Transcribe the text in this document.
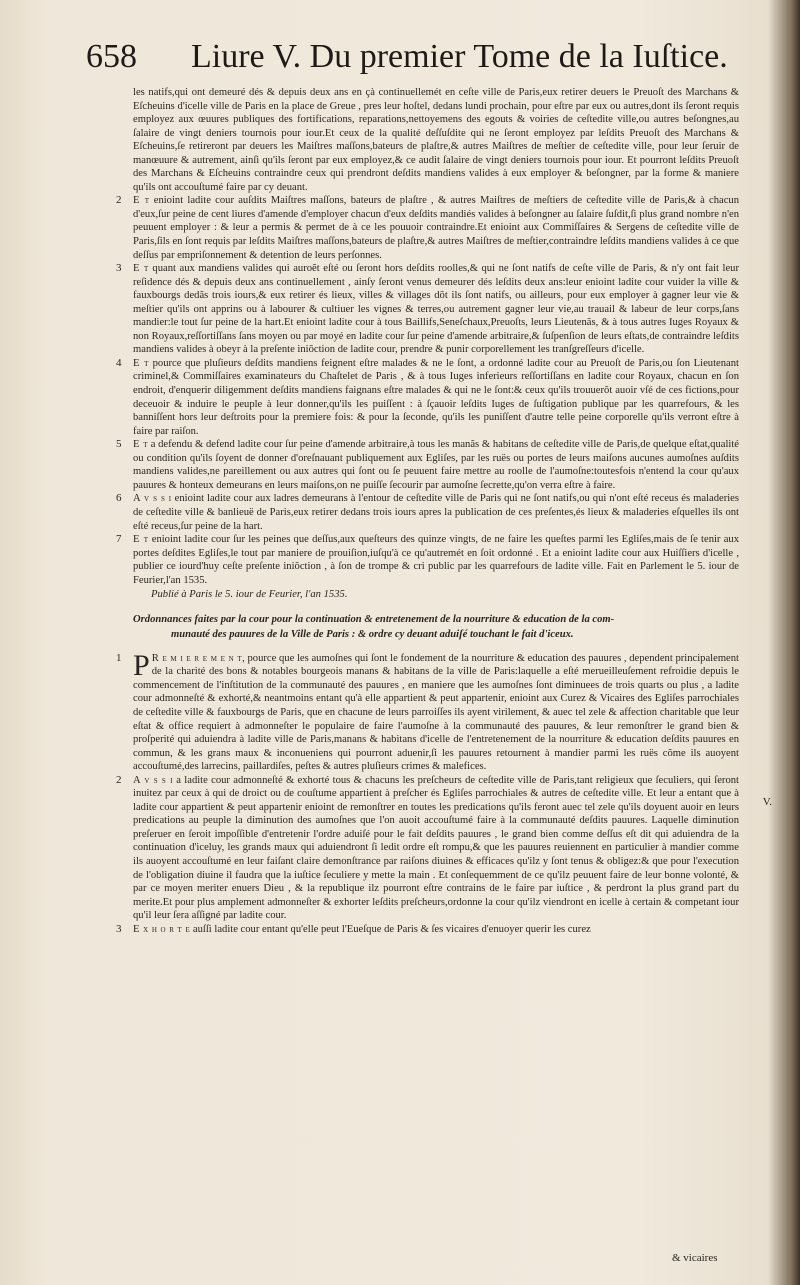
658 Liure V. Du premier Tome de la Iuſtice.

les natifs,qui ont demeuré dés & depuis deux ans en çà continuellemét en ceſte ville de Paris,eux retirer deuers le Preuoſt des Marchans & Eſcheuins d'icelle ville de Paris en la place de Greue , pres leur hoſtel, dedans lundi prochain, pour eſtre par eux ou autres,dont ils ſeront requis employez aux œuures publiques des fortifications, reparations,nettoyemens des egouts & voiries de ceſtedite ville,ou autres beſongnes,au ſalaire de vingt deniers tournois pour iour.Et ceux de la qualité deſſuſdite qui ne ſeront employez par leſdits Preuoſt des Marchans & Eſcheuins,ſe retireront par deuers les Maiſtres maſſons,bateurs de plaſtre,& autres Maiſtres de meſtier de ceſtedite ville, pour leur ſeruir de manœuure & autrement, ainſi qu'ils ſeront par eux employez,& ce audit ſalaire de vingt deniers tournois pour iour. Et pourront leſdits Preuoſt des Marchans & Eſcheuins contraindre ceux qui prendront deſdits mandiens valides à eux employer & beſongner, par la forme & maniere qu'ils ont accouſtumé faire par cy deuant.

2 E t enioint ladite cour auſdits Maiſtres maſſons, bateurs de plaſtre , & autres Maiſtres de meſtiers de ceſtedite ville de Paris,& à chacun d'eux,ſur peine de cent liures d'amende d'employer chacun d'eux deſdits mandiés valides à beſongner au ſalaire ſuſdit,ſi plus grand nombre n'en peuuent employer : & leur a permis & permet de à ce les pouuoir contraindre.Et enioint aux Commiſſaires & Sergens de ceſtedite ville de Paris,ſils en ſont requis par leſdits Maiſtres maſſons,bateurs de plaſtre,& autres Maiſtres de meſtier,contraindre leſdits mandiens valides à ce que deſſus par empriſonnement & detention de leurs perſonnes.

3 E t quant aux mandiens valides qui auroẽt eſté ou ſeront hors deſdits roolles,& qui ne ſont natifs de ceſte ville de Paris, & n'y ont fait leur reſidence dés & depuis deux ans continuellement , ainſy ſeront venus demeurer dés leſdits deux ans:leur enioint ladite cour vuider la ville & fauxbourgs dedãs trois iours,& eux retirer és lieux, villes & villages dõt ils ſont natifs, ou ailleurs, pour eux employer à gagner leur vie & meſtier qu'ils ont apprins ou à labourer & cultiuer les vignes & terres,ou autrement gagner leur vie,au trauail & labeur de leur corps,ſans mandier:le tout ſur peine de la hart.Et enioint ladite cour à tous Baillifs,Seneſchaux,Preuoſts, leurs Lieutenãs, & à tous autres Iuges Royaux & non Royaux,reſſortiſſans ſans moyen ou par moyé en ladite cour ſur peine d'amende arbitraire,& ſuſpenſion de leurs eſtats,de contraindre leſdits mandiens valides à obeyr à la preſente iniõction de ladite cour, prendre & punir corporellement les tranſgreſſeurs d'icelle.

4 E t pource que pluſieurs deſdits mandiens feignent eſtre malades & ne le ſont, a ordonné ladite cour au Preuoſt de Paris,ou ſon Lieutenant criminel,& Commiſſaires examinateurs du Chaſtelet de Paris , & à tous Iuges inferieurs reſſortiſſans en ladite cour Royaux, chacun en ſon endroit, d'enquerir diligemment deſdits mandiens faignans eſtre malades & qui ne le ſont:& ceux qu'ils trouuerõt auoir vſé de ces fictions,pour deceuoir & induire le peuple à leur donner,qu'ils les puiſſent : à ſçauoir leſdits Iuges de ſuſtigation publique par les quarrefours, & les banniſſent hors leur deſtroits pour la premiere fois: & pour la ſeconde, qu'ils les puniſſent d'autre telle peine corporelle qu'ils verront eſtre à faire par raiſon.

5 E t a defendu & defend ladite cour ſur peine d'amende arbitraire,à tous les manãs & habitans de ceſtedite ville de Paris,de quelque eſtat,qualité ou condition qu'ils ſoyent de donner d'oreſnauant publiquement aux Egliſes, par les ruës ou portes de leurs maiſons aucunes aumoſnes auſdits mandiens valides,ne pareillement ou aux autres qui ſont ou ſe peuuent faire mettre au roolle de l'aumoſne:toutesfois n'entend la cour qu'aux pauures & honteux demeurans en leurs maiſons,on ne puiſſe ſecourir par aumoſne ſecrette,qu'on verra eſtre à faire.

6 A v s s i enioint ladite cour aux ladres demeurans à l'entour de ceſtedite ville de Paris qui ne ſont natifs,ou qui n'ont eſté receus és maladeries de ceſtedite ville & banlieuë de Paris,eux retirer dedans trois iours apres la publication de ces preſentes,és lieux & maladeries eſquelles ils ont eſté receus,ſur peine de la hart.

7 E t enioint ladite cour ſur les peines que deſſus,aux queſteurs des quinze vingts, de ne faire les queſtes parmi les Egliſes,mais de ſe tenir aux portes deſdites Egliſes,le tout par maniere de prouiſion,iuſqu'à ce qu'autremét en ſoit ordonné . Et a enioint ladite cour aux Huiſſiers d'icelle , publier ce iourd'huy ceſte preſente iniõction , à ſon de trompe & cri public par les quarrefours de ladite ville. Fait en Parlement le 5. iour de Feurier,l'an 1535.

Publié à Paris le 5. iour de Feurier, l'an 1535.

Ordonnances faites par la cour pour la continuation & entretenement de la nourriture & education de la com-
munauté des pauures de la Ville de Paris : & ordre cy deuant aduiſé touchant le fait d'iceux.

1 P R e m i e r e m e n t, pource que les aumoſnes qui ſont le fondement de la nourriture & education des pauures , dependent principalement de la charité des bons & notables bourgeois manans & habitans de la ville de Paris:laquelle a eſté merueilleuſement refroidie depuis le commencement de l'inſtitution de la communauté des pauures , en maniere que les aumoſnes ſont diminuees de trois quarts ou plus , a ladite cour admonneſté & exhorté,& neantmoins entant qu'à elle appartient & peut appartenir, enioint aux Curez & Vicaires des Egliſes parrochiales de ceſtedite ville & fauxbourgs de Paris, que en chacune de leurs parroiſſes ils ayent virilement, & auec tel zele & affection charitable que leur eſtat & office requiert à admonneſter le populaire de faire l'aumoſne à la communauté des pauures, & leur remonſtrer le grand bien & proſperité qui aduiendra à ladite ville de Paris,manans & habitans d'icelle de l'entretenement de la nourriture & education deſdits pauures en commun, & les grans maux & inconueniens qui pourront aduenir,ſi les pauures retournent à mandier parmi les ruës cõme ils auoyent accouſtumé,des larrecins, paillardiſes, peſtes & autres pluſieurs crimes & malefices.

2 A v s s i a ladite cour admonneſté & exhorté tous & chacuns les preſcheurs de ceſtedite ville de Paris,tant religieux que ſeculiers, qui ſeront inuitez par ceux à qui de droict ou de couſtume appartient à preſcher és Egliſes parrochiales & autres de ceſtedite ville. Et leur a entant que à ladite cour appartient & peut appartenir enioint de remonſtrer en toutes les predications qu'ils feront auec tel zele qu'ils doyuent auoir en leurs predications au peuple la diminution des aumoſnes que l'on auoit accouſtumé faire à la communauté deſdits pauures. Laquelle diminution preſeruer en ſeroit impoſſible d'entretenir l'ordre aduiſé pour le fait deſdits pauures , le grand bien comme deſſus eſt dit qui aduiendra de la continuation d'iceluy, les grands maux qui aduiendront ſi ledit ordre eſt rompu,& que les pauures reuiennent en particulier à mandier comme ils auoyent accouſtumé en leur faiſant claire demonſtrance par raiſons diuines & efficaces qu'ilz y ſont tenus & obligez:& que pour l'execution de l'obligation diuine il faudra que la iuſtice ſeculiere y mette la main . Et conſequemment de ce qu'ilz peuuent faire de leur bonne volonté, & par ce moyen meriter enuers Dieu , & la republique ilz pourront eſtre contrains de le faire par iuſtice , & perdront la plus grand part du merite.Et pour plus amplement admonneſter & exhorter leſdits preſcheurs,ordonne la cour qu'ilz viendront en icelle à certain & competant iour qu'il leur ſera aſſigné par ladite cour.

3 E x h o r t e auſſi ladite cour entant qu'elle peut l'Eueſque de Paris & ſes vicaires d'enuoyer querir les curez

V.
& vicaires
